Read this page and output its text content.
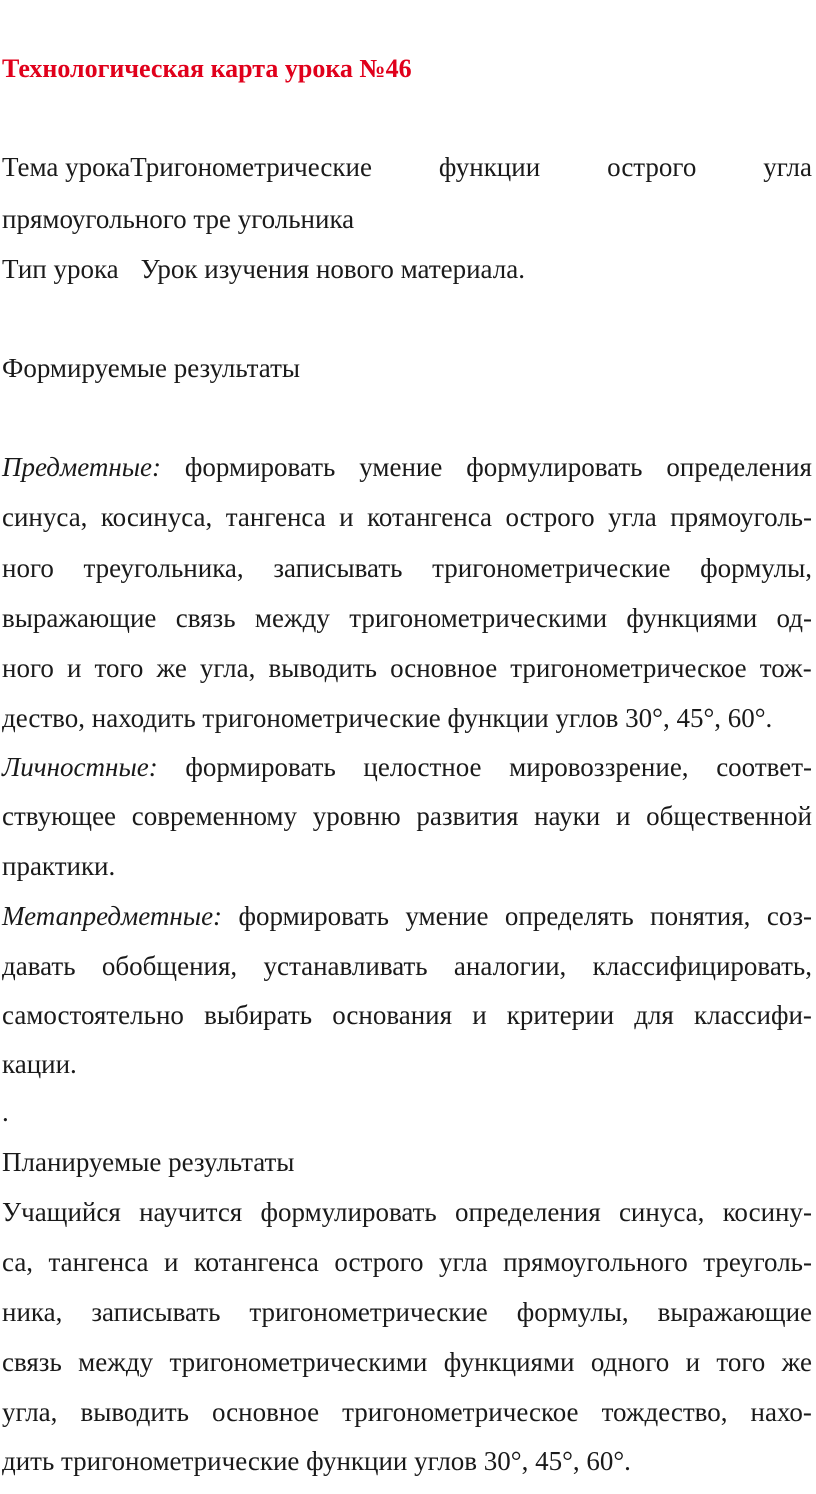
Технологическая карта урока №46
Тема урокаТригонометрические функции острого угла
прямоугольного тре угольника
Тип урока Урок изучения нового материала.
Формируемые результаты
Предметные: формировать умение формулировать определения
синуса, косинуса, тангенса и котангенса острого угла прямоуголь-
ного треугольника, записывать тригонометрические формулы,
выражающие связь между тригонометрическими функциями од-
ного и того же угла, выводить основное тригонометрическое тож-
дество, находить тригонометрические функции углов 30°, 45°, 60°.
Личностные: формировать целостное мировоззрение, соответ-
ствующее современному уровню развития науки и общественной
практики.
Метапредметные: формировать умение определять понятия, соз-
давать обобщения, устанавливать аналогии, классифицировать,
самостоятельно выбирать основания и критерии для классифи-
кации.
.
Планируемые результаты
Учащийся научится формулировать определения синуса, косину-
са, тангенса и котангенса острого угла прямоугольного треуголь-
ника, записывать тригонометрические формулы, выражающие
связь между тригонометрическими функциями одного и того же
угла, выводить основное тригонометрическое тождество, нахо-
дить тригонометрические функции углов 30°, 45°, 60°.
